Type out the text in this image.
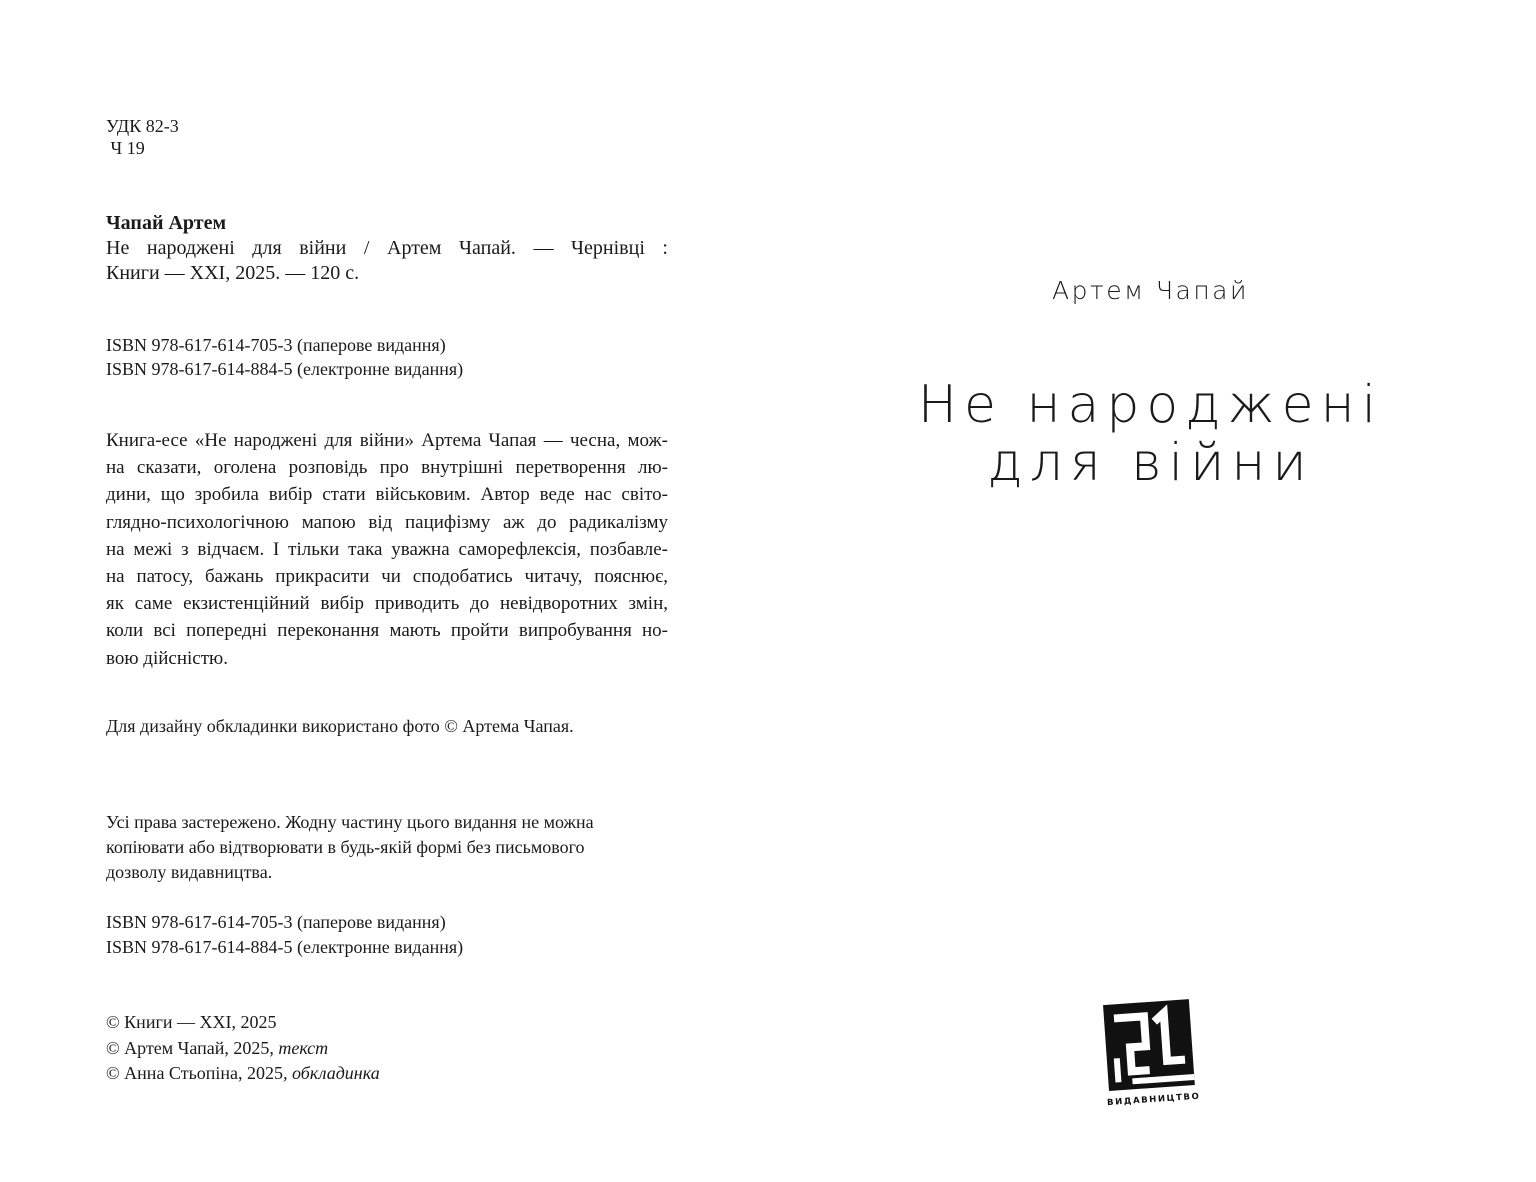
УДК 82-3
Ч 19
Чапай Артем
Не народжені для війни / Артем Чапай. — Чернівці :
Книги — XXI, 2025. — 120 с.
ISBN 978-617-614-705-3 (паперове видання)
ISBN 978-617-614-884-5 (електронне видання)
Книга-есе «Не народжені для війни» Артема Чапая — чесна, мож-
на сказати, оголена розповідь про внутрішні перетворення лю-
дини, що зробила вибір стати військовим. Автор веде нас світо-
глядно-психологічною мапою від пацифізму аж до радикалізму
на межі з відчаєм. І тільки така уважна саморефлексія, позбавле-
на патосу, бажань прикрасити чи сподобатись читачу, пояснює,
як саме екзистенційний вибір приводить до невідворотних змін,
коли всі попередні переконання мають пройти випробування но-
вою дійсністю.
Для дизайну обкладинки використано фото © Артема Чапая.
Усі права застережено. Жодну частину цього видання не можна
копіювати або відтворювати в будь-якій формі без письмового
дозволу видавництва.
ISBN 978-617-614-705-3 (паперове видання)
ISBN 978-617-614-884-5 (електронне видання)
© Книги — XXI, 2025
© Артем Чапай, 2025, текст
© Анна Стьопіна, 2025, обкладинка
Артем Чапай
Не народжені
для війни
ВИДАВНИЦТВО
